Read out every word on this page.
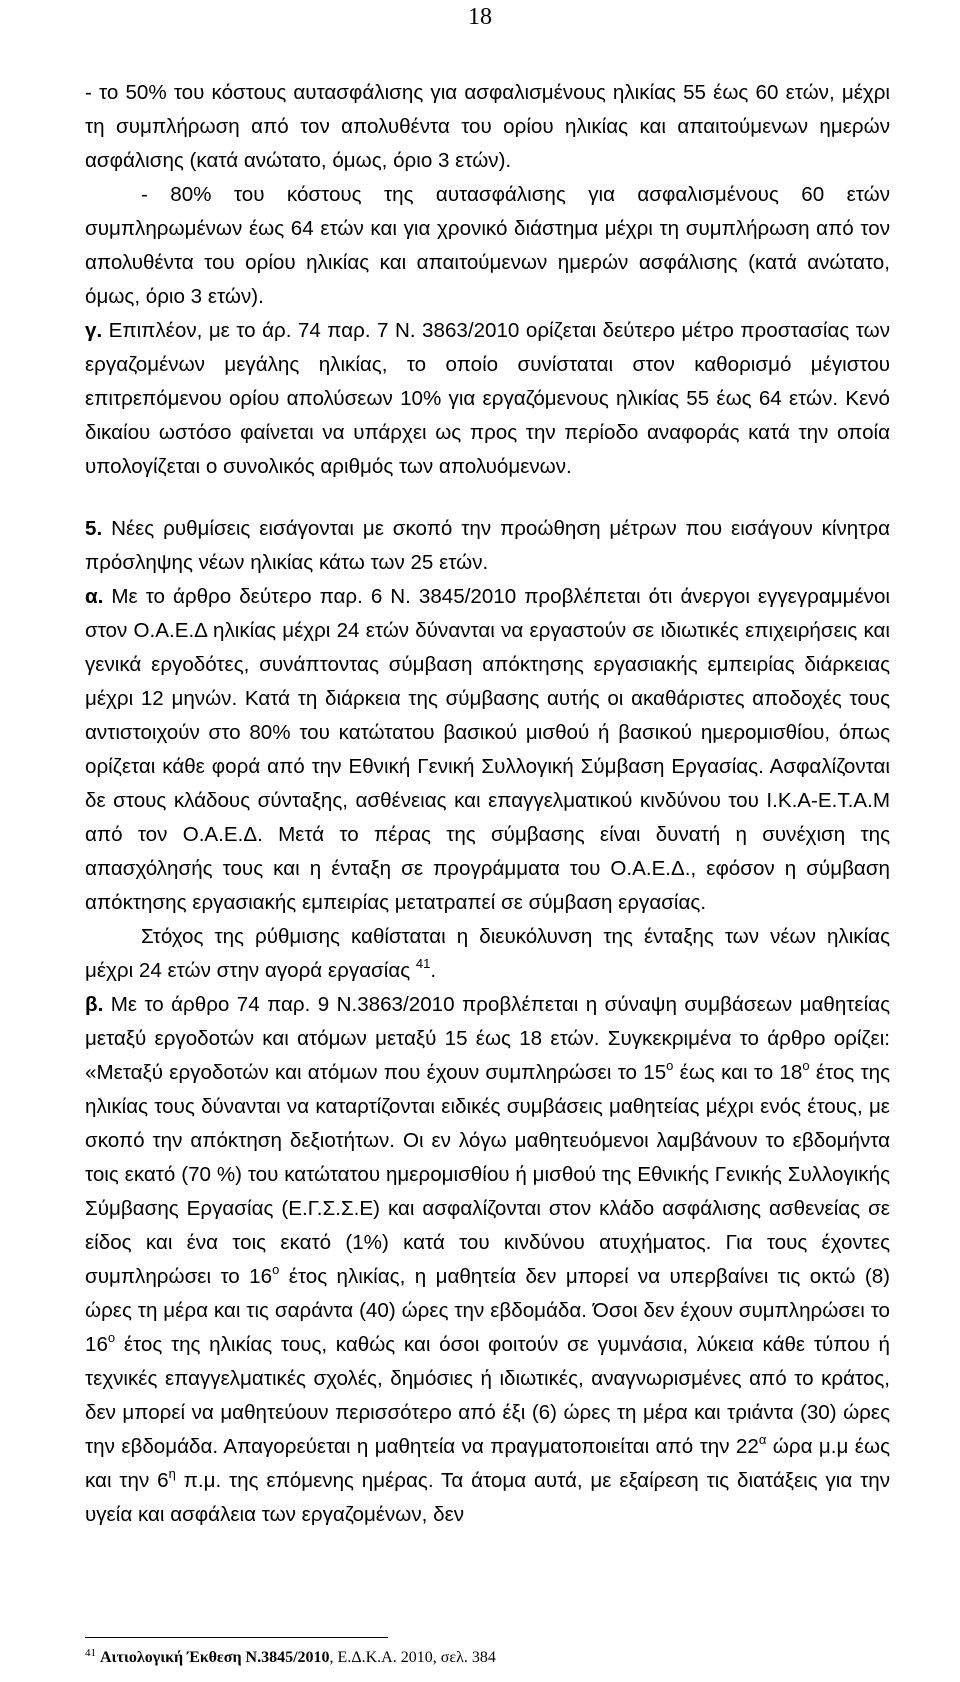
18

- το 50% του κόστους αυτασφάλισης για ασφαλισμένους ηλικίας 55 έως 60 ετών, μέχρι τη συμπλήρωση από τον απολυθέντα του ορίου ηλικίας και απαιτούμενων ημερών ασφάλισης (κατά ανώτατο, όμως, όριο 3 ετών).

- 80% του κόστους της αυτασφάλισης για ασφαλισμένους 60 ετών συμπληρωμένων έως 64 ετών και για χρονικό διάστημα μέχρι τη συμπλήρωση από τον απολυθέντα του ορίου ηλικίας και απαιτούμενων ημερών ασφάλισης (κατά ανώτατο, όμως, όριο 3 ετών).

γ. Επιπλέον, με το άρ. 74 παρ. 7 Ν. 3863/2010 ορίζεται δεύτερο μέτρο προστασίας των εργαζομένων μεγάλης ηλικίας, το οποίο συνίσταται στον καθορισμό μέγιστου επιτρεπόμενου ορίου απολύσεων 10% για εργαζόμενους ηλικίας 55 έως 64 ετών. Κενό δικαίου ωστόσο φαίνεται να υπάρχει ως προς την περίοδο αναφοράς κατά την οποία υπολογίζεται ο συνολικός αριθμός των απολυόμενων.

5. Νέες ρυθμίσεις εισάγονται με σκοπό την προώθηση μέτρων που εισάγουν κίνητρα πρόσληψης νέων ηλικίας κάτω των 25 ετών.

α. Με το άρθρο δεύτερο παρ. 6 Ν. 3845/2010 προβλέπεται ότι άνεργοι εγγεγραμμένοι στον Ο.Α.Ε.Δ ηλικίας μέχρι 24 ετών δύνανται να εργαστούν σε ιδιωτικές επιχειρήσεις και γενικά εργοδότες, συνάπτοντας σύμβαση απόκτησης εργασιακής εμπειρίας διάρκειας μέχρι 12 μηνών. Κατά τη διάρκεια της σύμβασης αυτής οι ακαθάριστες αποδοχές τους αντιστοιχούν στο 80% του κατώτατου βασικού μισθού ή βασικού ημερομισθίου, όπως ορίζεται κάθε φορά από την Εθνική Γενική Συλλογική Σύμβαση Εργασίας. Ασφαλίζονται δε στους κλάδους σύνταξης, ασθένειας και επαγγελματικού κινδύνου του Ι.Κ.Α-Ε.Τ.Α.Μ από τον Ο.Α.Ε.Δ. Μετά το πέρας της σύμβασης είναι δυνατή η συνέχιση της απασχόλησής τους και η ένταξη σε προγράμματα του Ο.Α.Ε.Δ., εφόσον η σύμβαση απόκτησης εργασιακής εμπειρίας μετατραπεί σε σύμβαση εργασίας.

Στόχος της ρύθμισης καθίσταται η διευκόλυνση της ένταξης των νέων ηλικίας μέχρι 24 ετών στην αγορά εργασίας $^{41}$.

β. Με το άρθρο 74 παρ. 9 Ν.3863/2010 προβλέπεται η σύναψη συμβάσεων μαθητείας μεταξύ εργοδοτών και ατόμων μεταξύ 15 έως 18 ετών. Συγκεκριμένα το άρθρο ορίζει: «Μεταξύ εργοδοτών και ατόμων που έχουν συμπληρώσει το $15^o$ έως και το $18^o$ έτος της ηλικίας τους δύνανται να καταρτίζονται ειδικές συμβάσεις μαθητείας μέχρι ενός έτους, με σκοπό την απόκτηση δεξιοτήτων. Οι εν λόγω μαθητευόμενοι λαμβάνουν το εβδομήντα τοις εκατό (70 %) του κατώτατου ημερομισθίου ή μισθού της Εθνικής Γενικής Συλλογικής Σύμβασης Εργασίας (Ε.Γ.Σ.Σ.Ε) και ασφαλίζονται στον κλάδο ασφάλισης ασθενείας σε είδος και ένα τοις εκατό (1%) κατά του κινδύνου ατυχήματος. Για τους έχοντες συμπληρώσει το $16^o$ έτος ηλικίας, η μαθητεία δεν μπορεί να υπερβαίνει τις οκτώ (8) ώρες τη μέρα και τις σαράντα (40) ώρες την εβδομάδα. Όσοι δεν έχουν συμπληρώσει το $16^o$ έτος της ηλικίας τους, καθώς και όσοι φοιτούν σε γυμνάσια, λύκεια κάθε τύπου ή τεχνικές επαγγελματικές σχολές, δημόσιες ή ιδιωτικές, αναγνωρισμένες από το κράτος, δεν μπορεί να μαθητεύουν περισσότερο από έξι (6) ώρες τη μέρα και τριάντα (30) ώρες την εβδομάδα. Απαγορεύεται η μαθητεία να πραγματοποιείται από την $22^\alpha$ ώρα μ.μ έως και την $6^\eta$ π.μ. της επόμενης ημέρας. Τα άτομα αυτά, με εξαίρεση τις διατάξεις για την υγεία και ασφάλεια των εργαζομένων, δεν

$^{41}$ Αιτιολογική Έκθεση Ν.3845/2010, Ε.Δ.Κ.Α. 2010, σελ. 384
